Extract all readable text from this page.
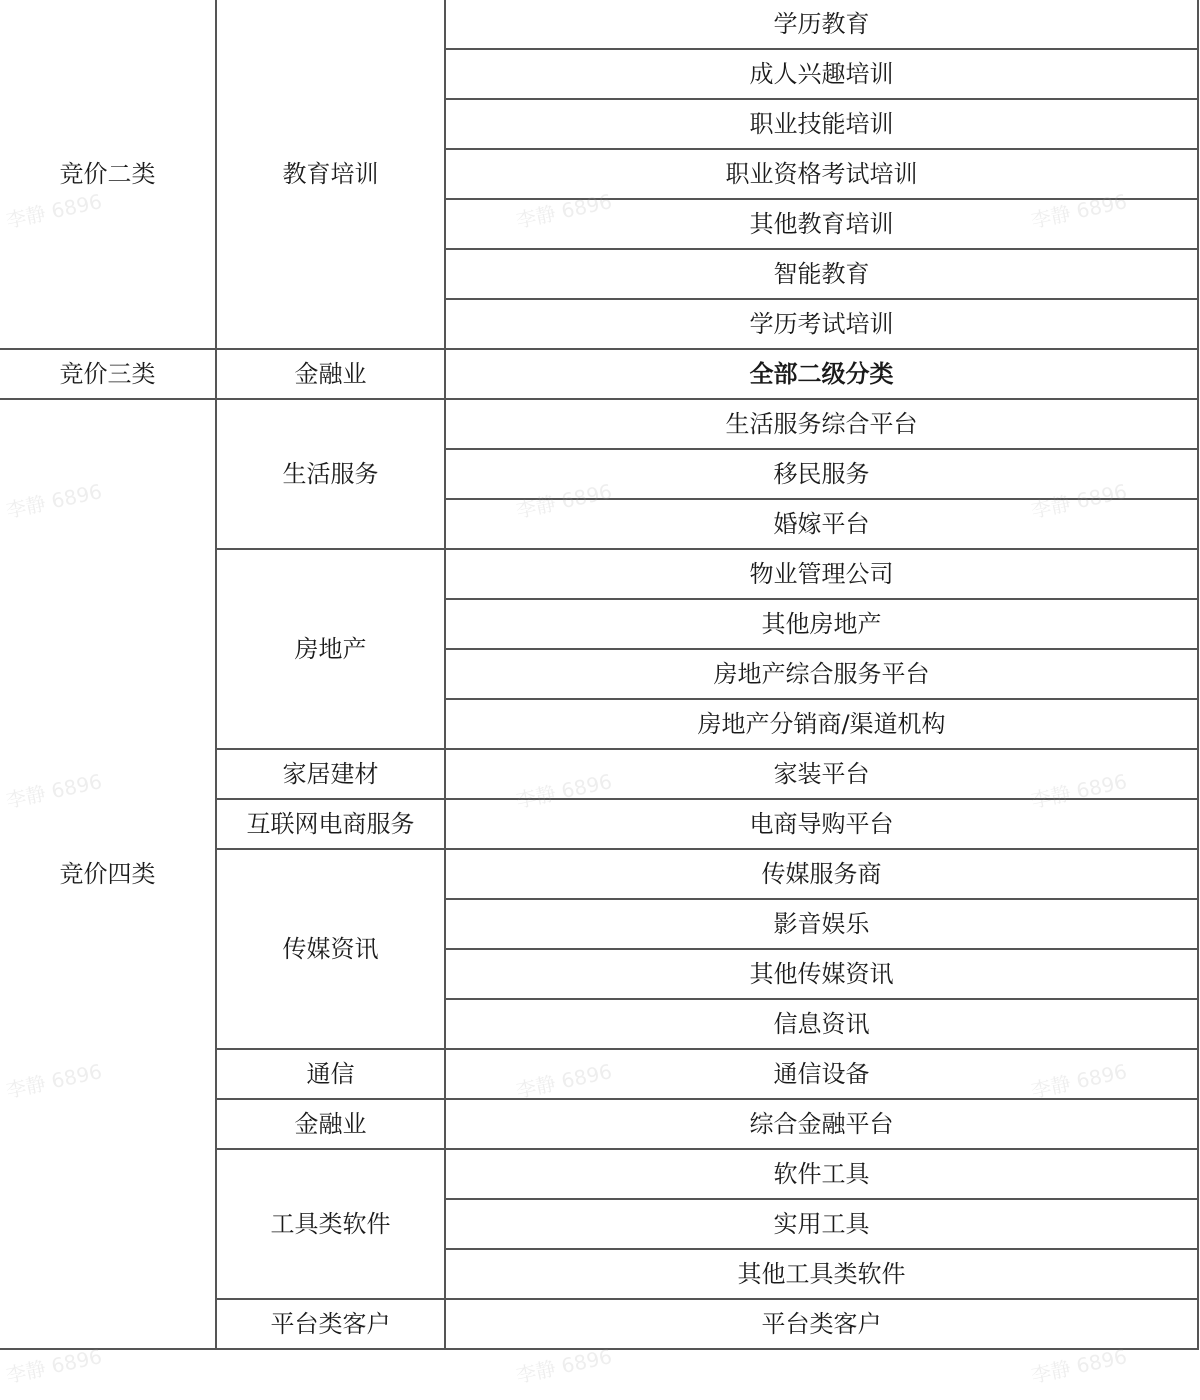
竞价二类	教育培训	学历教育
		成人兴趣培训
		职业技能培训
		职业资格考试培训
		其他教育培训
		智能教育
		学历考试培训
竞价三类	金融业	全部二级分类
竞价四类	生活服务	生活服务综合平台
		移民服务
		婚嫁平台
	房地产	物业管理公司
		其他房地产
		房地产综合服务平台
		房地产分销商/渠道机构
	家居建材	家装平台
	互联网电商服务	电商导购平台
	传媒资讯	传媒服务商
		影音娱乐
		其他传媒资讯
		信息资讯
	通信	通信设备
	金融业	综合金融平台
	工具类软件	软件工具
		实用工具
		其他工具类软件
	平台类客户	平台类客户
李静 6896	李静 6896	李静 6896
李静 6896	李静 6896	李静 6896
李静 6896	李静 6896	李静 6896
李静 6896	李静 6896	李静 6896
李静 6896	李静 6896	李静 6896
